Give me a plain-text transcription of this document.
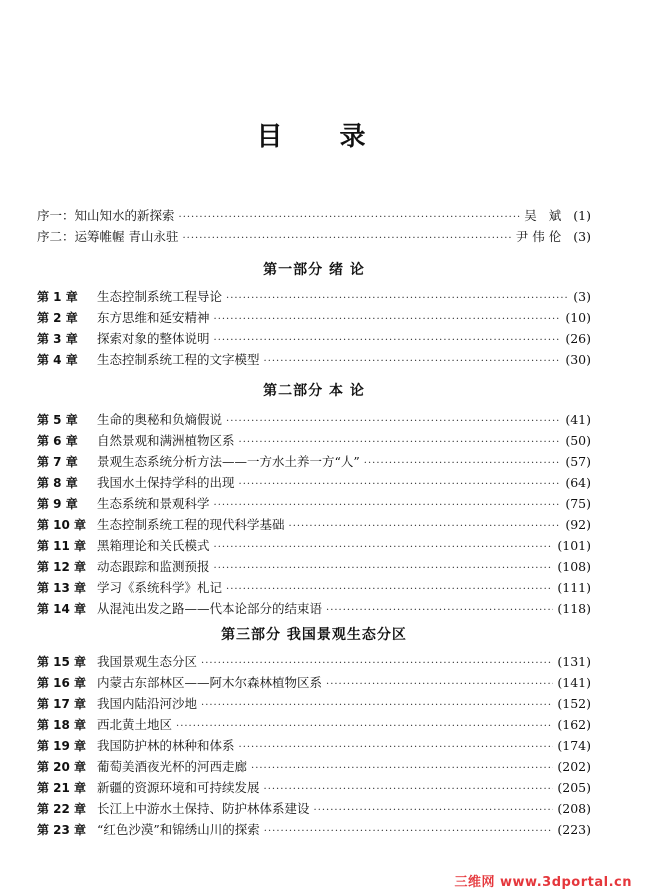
目 录
序一：知山知水的新探索 ·····	吴 斌 (1)
序二：运筹帷幄 青山永驻 ·····	尹伟伦 (3)
第一部分 绪 论
第 1 章	生态控制系统工程导论 ·····	(3)
第 2 章	东方思维和延安精神 ·····	(10)
第 3 章	探索对象的整体说明 ·····	(26)
第 4 章	生态控制系统工程的文字模型 ·····	(30)
第二部分 本 论
第 5 章	生命的奥秘和负熵假说 ·····	(41)
第 6 章	自然景观和满洲植物区系 ·····	(50)
第 7 章	景观生态系统分析方法——一方水土养一方“人” ·····	(57)
第 8 章	我国水土保持学科的出现 ·····	(64)
第 9 章	生态系统和景观科学 ·····	(75)
第 10 章 生态控制系统工程的现代科学基础 ·····	(92)
第 11 章 黑箱理论和关氏模式 ·····	(101)
第 12 章 动态跟踪和监测预报 ·····	(108)
第 13 章 学习《系统科学》札记 ·····	(111)
第 14 章 从混沌出发之路——代本论部分的结束语 ·····	(118)
第三部分 我国景观生态分区
第 15 章 我国景观生态分区 ·····	(131)
第 16 章 内蒙古东部林区——阿木尔森林植物区系 ·····	(141)
第 17 章 我国内陆沿河沙地 ·····	(152)
第 18 章 西北黄土地区 ·····	(162)
第 19 章 我国防护林的林种和体系 ·····	(174)
第 20 章 葡萄美酒夜光杯的河西走廊 ·····	(202)
第 21 章 新疆的资源环境和可持续发展 ·····	(205)
第 22 章 长江上中游水土保持、防护林体系建设 ·····	(208)
第 23 章 “红色沙漠”和锦绣山川的探索 ·····	(223)
三维网 www.3dportal.cn
